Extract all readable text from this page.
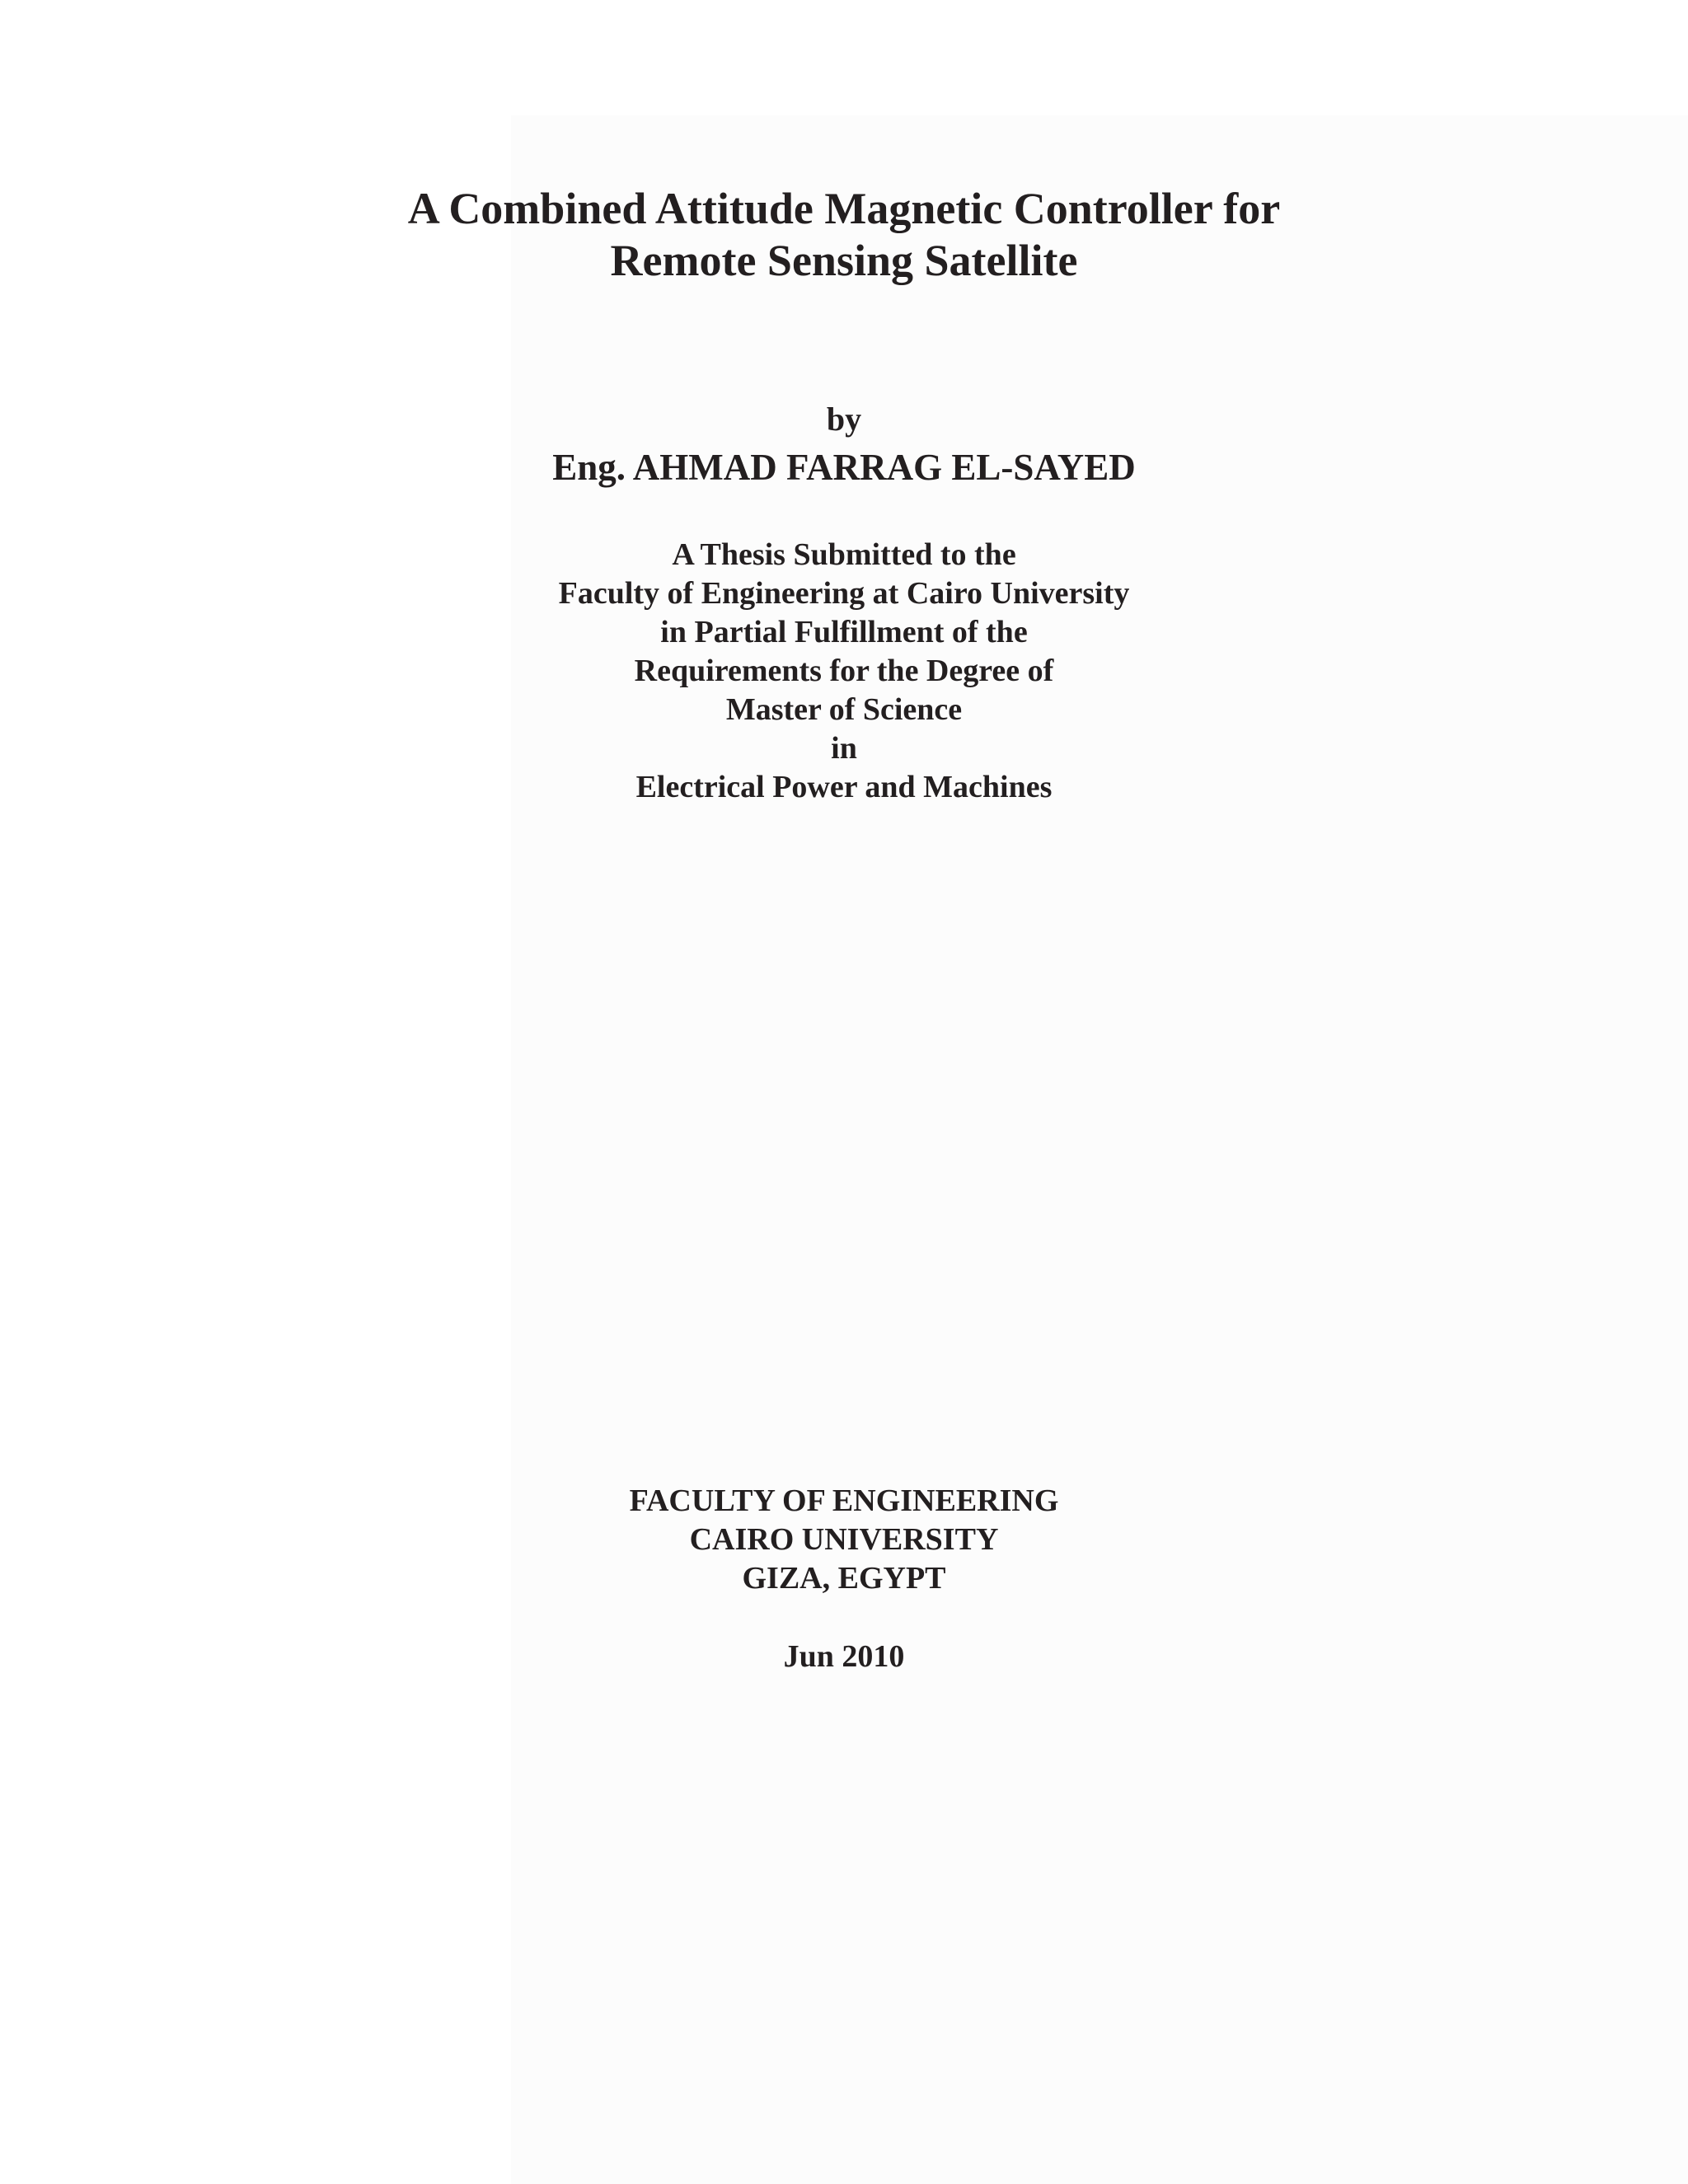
A Combined Attitude Magnetic Controller for
Remote Sensing Satellite
by
Eng. AHMAD FARRAG EL-SAYED
A Thesis Submitted to the
Faculty of Engineering at Cairo University
in Partial Fulfillment of the
Requirements for the Degree of
Master of Science
in
Electrical Power and Machines
FACULTY OF ENGINEERING
CAIRO UNIVERSITY
GIZA, EGYPT
Jun 2010
